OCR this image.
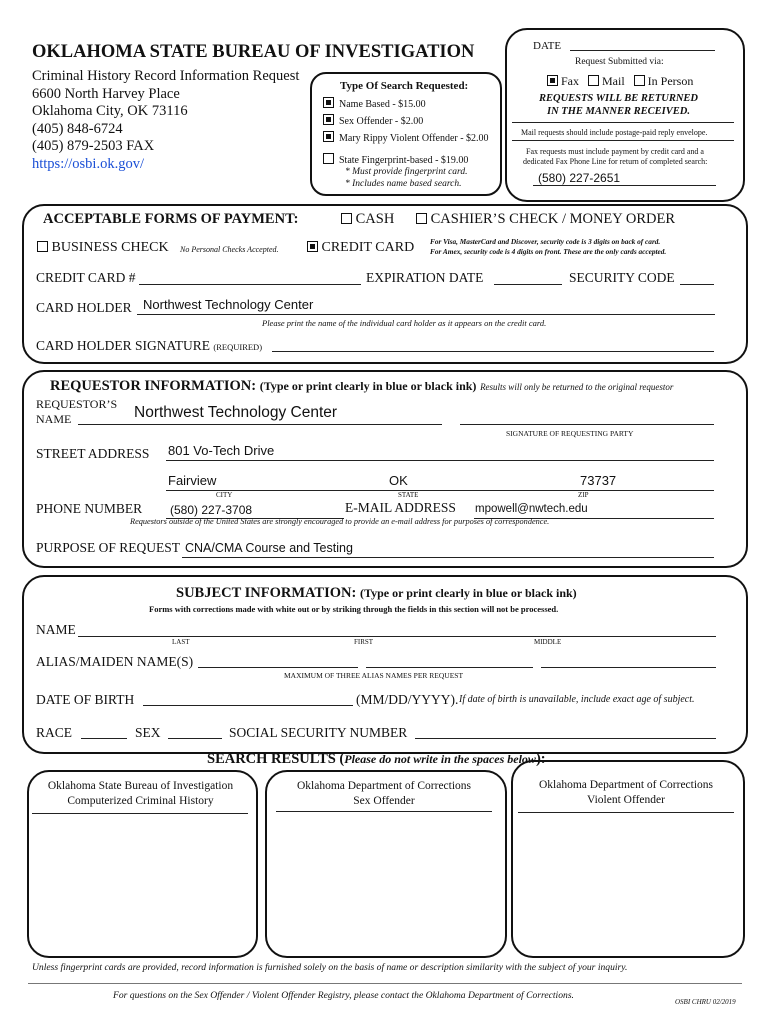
OKLAHOMA STATE BUREAU OF INVESTIGATION
Criminal History Record Information Request
6600 North Harvey Place
Oklahoma City, OK 73116
(405) 848-6724
(405) 879-2503 FAX
https://osbi.ok.gov/
Type Of Search Requested:
Name Based - $15.00
Sex Offender - $2.00
Mary Rippy Violent Offender - $2.00
State Fingerprint-based - $19.00
* Must provide fingerprint card.
* Includes name based search.
DATE
Request Submitted via:
Fax Mail In Person
REQUESTS WILL BE RETURNED
IN THE MANNER RECEIVED.
Mail requests should include postage-paid reply envelope.
Fax requests must include payment by credit card and a
dedicated Fax Phone Line for return of completed search:
(580) 227-2651
ACCEPTABLE FORMS OF PAYMENT:	CASH	CASHIER’S CHECK / MONEY ORDER
BUSINESS CHECK No Personal Checks Accepted.	CREDIT CARD For Visa, MasterCard and Discover, security code is 3 digits on back of card.
For Amex, security code is 4 digits on front. These are the only cards accepted.
CREDIT CARD #	EXPIRATION DATE	SECURITY CODE
CARD HOLDER Northwest Technology Center
Please print the name of the individual card holder as it appears on the credit card.
CARD HOLDER SIGNATURE (REQUIRED)
REQUESTOR INFORMATION: (Type or print clearly in blue or black ink) Results will only be returned to the original requestor
REQUESTOR’S
NAME	Northwest Technology Center
SIGNATURE OF REQUESTING PARTY
STREET ADDRESS 801 Vo-Tech Drive
Fairview	OK	73737
CITY	STATE	ZIP
PHONE NUMBER (580) 227-3708	E-MAIL ADDRESS mpowell@nwtech.edu
Requestors outside of the United States are strongly encouraged to provide an e-mail address for purposes of correspondence.
PURPOSE OF REQUEST CNA/CMA Course and Testing
SUBJECT INFORMATION: (Type or print clearly in blue or black ink)
Forms with corrections made with white out or by striking through the fields in this section will not be processed.
NAME
LAST	FIRST	MIDDLE
ALIAS/MAIDEN NAME(S)
MAXIMUM OF THREE ALIAS NAMES PER REQUEST
DATE OF BIRTH	(MM/DD/YYYY). If date of birth is unavailable, include exact age of subject.
RACE	SEX	SOCIAL SECURITY NUMBER
SEARCH RESULTS (Please do not write in the spaces below):
Oklahoma State Bureau of Investigation
Computerized Criminal History
Oklahoma Department of Corrections
Sex Offender
Oklahoma Department of Corrections
Violent Offender
Unless fingerprint cards are provided, record information is furnished solely on the basis of name or description similarity with the subject of your inquiry.
For questions on the Sex Offender / Violent Offender Registry, please contact the Oklahoma Department of Corrections.
OSBI CHRU 02/2019
